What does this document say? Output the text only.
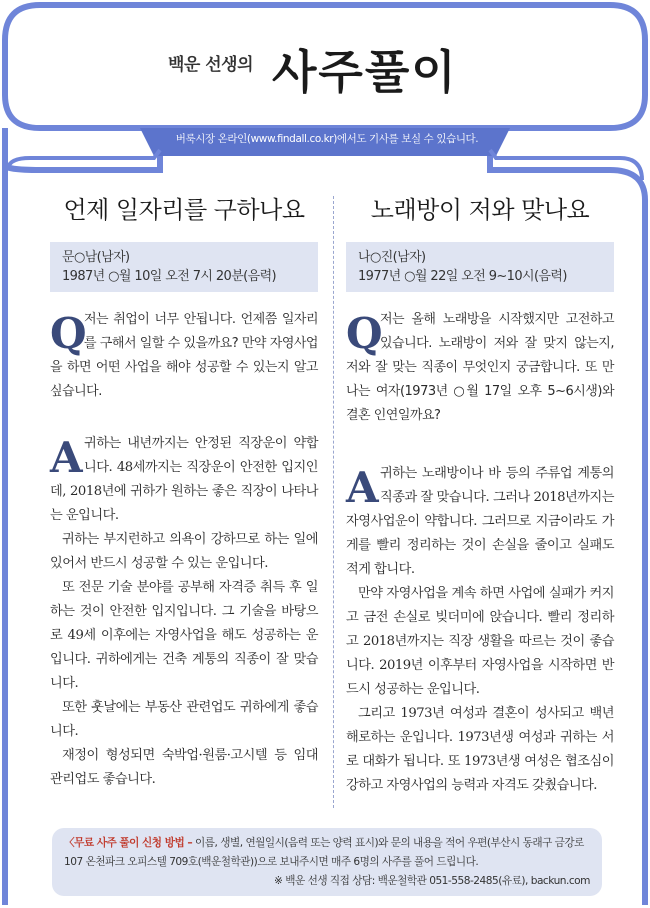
백운 선생의 사주풀이
버룩시장 온라인(www.findall.co.kr)에서도 기사를 보실 수 있습니다.
언제 일자리를 구하나요
문○남(남자)
1987년 ○월 10일 오전 7시 20분(음력)
Q

저는 취업이 너무 안됩니다. 언제쯤 일자리를 구해서 일할 수 있을까요? 만약 자영사업을 하면 어떤 사업을 해야 성공할 수 있는지 알고 싶습니다.

A 귀하는 내년까지는 안정된 직장운이 약합니다. 48세까지는 직장운이 안전한 입지인데, 2018년에 귀하가 원하는 좋은 직장이 나타나는 운입니다.

귀하는 부지런하고 의욕이 강하므로 하는 일에 있어서 반드시 성공할 수 있는 운입니다.

또 전문 기술 분야를 공부해 자격증 취득 후 일하는 것이 안전한 입지입니다. 그 기술을 바탕으로 49세 이후에는 자영사업을 해도 성공하는 운입니다. 귀하에게는 건축 계통의 직종이 잘 맞습니다.

또한 훗날에는 부동산 관련업도 귀하에게 좋습니다.

재정이 형성되면 숙박업·원룸·고시텔 등 임대 관리업도 좋습니다.

노래방이 저와 맞나요
나○진(남자)
1977년 ○월 22일 오전 9~10시(음력)
Q

저는 올해 노래방을 시작했지만 고전하고 있습니다. 노래방이 저와 잘 맞지 않는지, 저와 잘 맞는 직종이 무엇인지 궁금합니다. 또 만나는 여자(1973년 ○월 17일 오후 5~6시생)와 결혼 인연일까요?

A 귀하는 노래방이나 바 등의 주류업 계통의 직종과 잘 맞습니다. 그러나 2018년까지는 자영사업운이 약합니다. 그러므로 지금이라도 가게를 빨리 정리하는 것이 손실을 줄이고 실패도 적게 합니다.

만약 자영사업을 계속 하면 사업에 실패가 커지고 금전 손실로 빚더미에 앉습니다. 빨리 정리하고 2018년까지는 직장 생활을 따르는 것이 좋습니다. 2019년 이후부터 자영사업을 시작하면 반드시 성공하는 운입니다.

그리고 1973년 여성과 결혼이 성사되고 백년해로하는 운입니다. 1973년생 여성과 귀하는 서로 대화가 됩니다. 또 1973년생 여성은 협조심이 강하고 자영사업의 능력과 자격도 갖췄습니다.

〈무료 사주 풀이 신청 방법 – 이름, 생별, 연월일시(음력 또는 양력 표시)와 문의 내용을 적어 우편(부산시 동래구 금강로 107 온천파크 오피스텔 709호(백운철학관))으로 보내주시면 매주 6명의 사주를 풀어 드립니다.
※ 백운 선생 직접 상담: 백운철학관 051-558-2485(유료), backun.com
